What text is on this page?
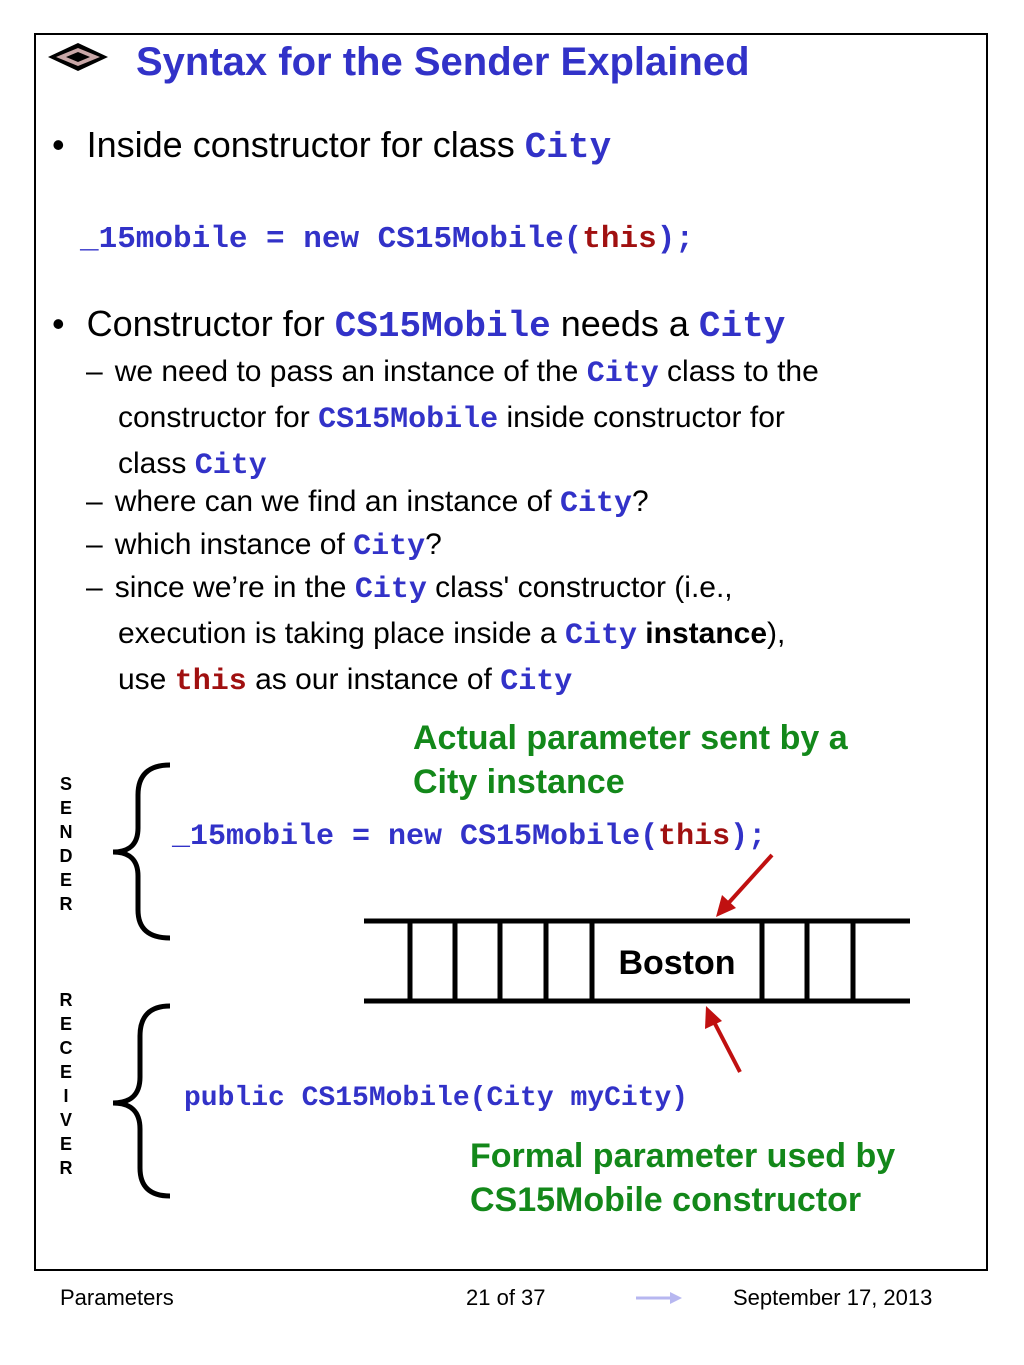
Syntax for the Sender Explained
• Inside constructor for class City
_15mobile = new CS15Mobile(this);
• Constructor for CS15Mobile needs a City
– we need to pass an instance of the City class to the
constructor for CS15Mobile inside constructor for
class City
– where can we find an instance of City?
– which instance of City?
– since we’re in the City class' constructor (i.e.,
execution is taking place inside a City instance),
use this as our instance of City
Actual parameter sent by a
City instance
S
E
N
D
E
R
R
E
C
E
I
V
E
R
_15mobile = new CS15Mobile(this);
Boston
public CS15Mobile(City myCity)
Formal parameter used by
CS15Mobile constructor
Parameters	21 of 37	September 17, 2013
